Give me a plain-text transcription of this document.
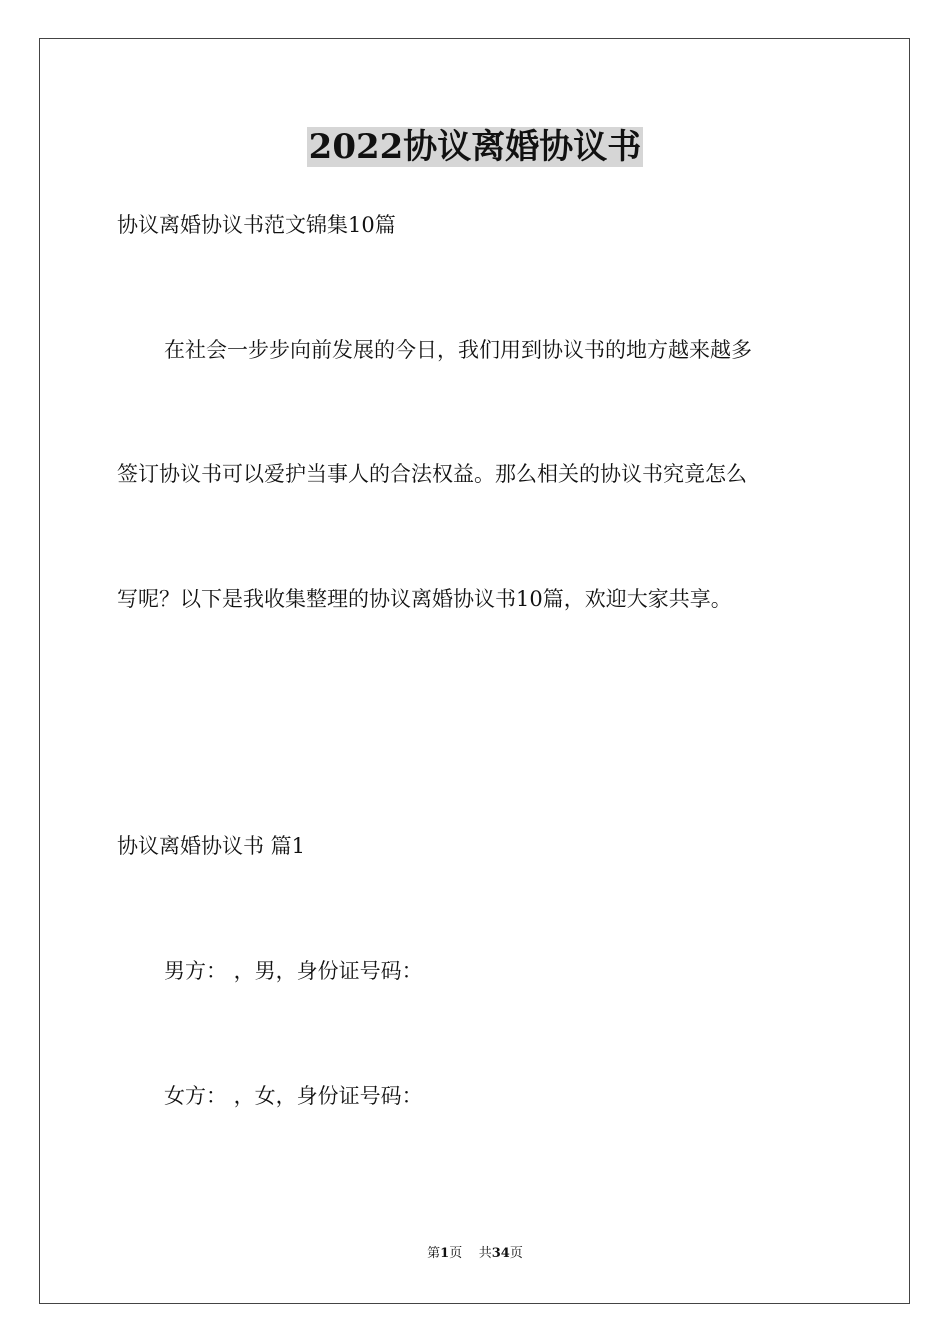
2022协议离婚协议书
协议离婚协议书范文锦集10篇
在社会一步步向前发展的今日，我们用到协议书的地方越来越多
签订协议书可以爱护当事人的合法权益。那么相关的协议书究竟怎么
写呢？以下是我收集整理的协议离婚协议书10篇，欢迎大家共享。
协议离婚协议书 篇1
男方： ，男，身份证号码：
女方： ，女，身份证号码：
第1页    共34页
